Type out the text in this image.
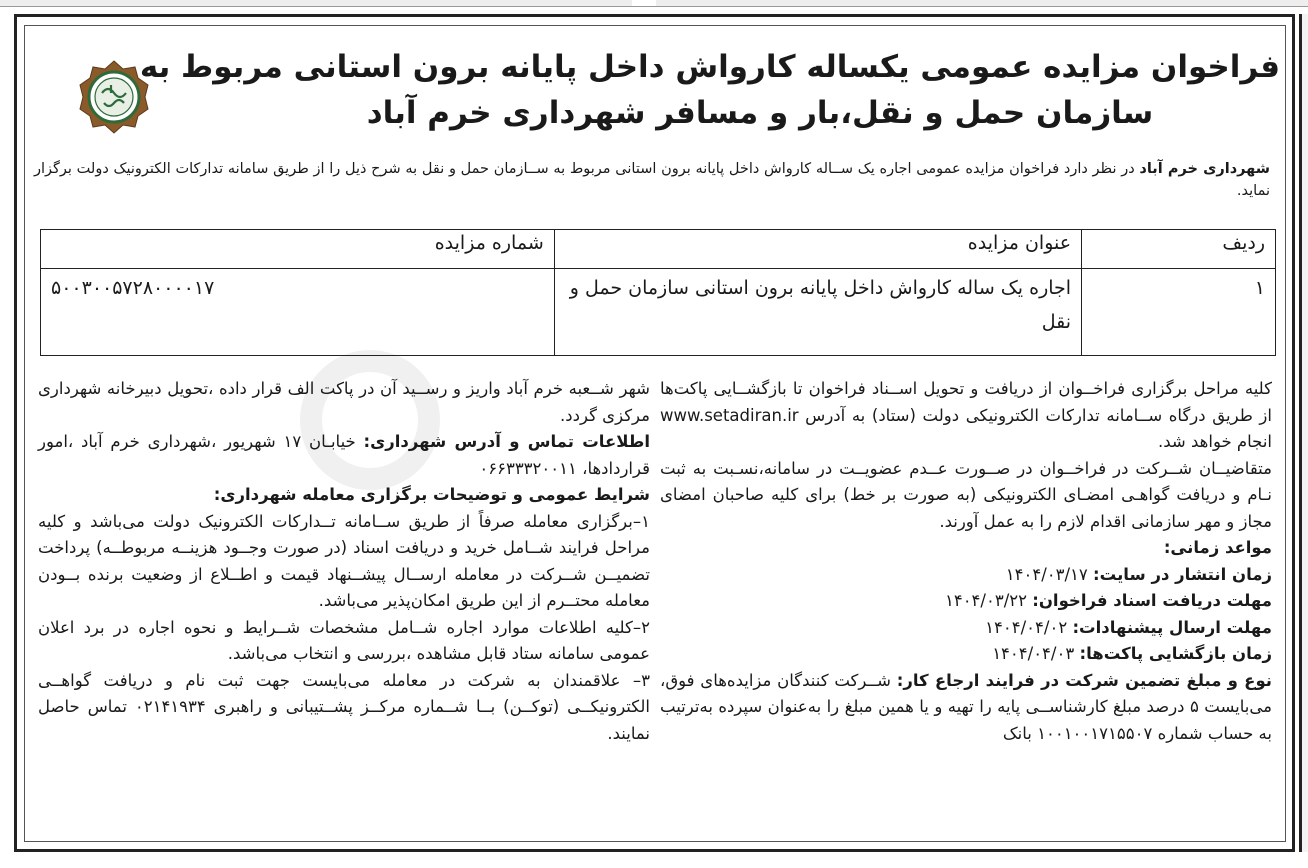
فراخوان مزایده عمومی یکساله کارواش داخل پایانه برون استانی مربوط به
سازمان حمل و نقل،بار و مسافر شهرداری خرم آباد
شهرداری خرم آباد در نظر دارد فراخوان مزایده عمومی اجاره یک ســاله کارواش داخل پایانه برون استانی مربوط به ســازمان حمل و نقل به شرح ذیل را از طریق سامانه تدارکات الکترونیک دولت برگزار نماید.
ردیف	عنوان مزایده	شماره مزایده
۱	اجاره یک ساله کارواش داخل پایانه برون استانی سازمان حمل و نقل	۵۰۰۳۰۰۵۷۲۸۰۰۰۰۱۷

کلیه مراحل برگزاری فراخــوان از دریافت و تحویل اســناد فراخوان تا بازگشــایی پاکت‌ها از طریق درگاه ســامانه تدارکات الکترونیکی دولت (ستاد) به آدرس www.setadiran.ir انجام خواهد شد.

متقاضیــان شــرکت در فراخــوان در صــورت عــدم عضویــت در سامانه،نسـبت به ثبت نـام و دریافت گواهـی امضـای الکترونیکی (به صورت بر خط) برای کلیه صاحبان امضای مجاز و مهر سازمانی اقدام لازم را به عمل آورند.

مواعد زمانی:

زمان انتشار در سایت: ۱۴۰۴/۰۳/۱۷

مهلت دریافت اسناد فراخوان: ۱۴۰۴/۰۳/۲۲

مهلت ارسال پیشنهادات: ۱۴۰۴/۰۴/۰۲

زمان بازگشایی پاکت‌ها: ۱۴۰۴/۰۴/۰۳

نوع و مبلغ تضمین شرکت در فرایند ارجاع کار: شــرکت کنندگان مزایده‌های فوق، می‌بایست ۵ درصد مبلغ کارشناســی پایه را تهیه و یا همین مبلغ را به‌عنوان سپرده به‌ترتیب به حساب شماره ۱۰۰۱۰۰۱۷۱۵۵۰۷ بانک

شهر شــعبه خرم آباد واریز و رســید آن در پاکت الف قرار داده ،تحویل دبیرخانه شهرداری مرکزی گردد.

اطلاعات تماس و آدرس شهرداری: خیابـان ۱۷ شهریور ،شهرداری خرم آباد ،امور قراردادها، ۰۶۶۳۳۳۲۰۰۱۱

شرایط عمومی و توضیحات برگزاری معامله شهرداری:

۱–برگزاری معامله صرفاً از طریق ســامانه تــدارکات الکترونیک دولت می‌باشد و کلیه مراحل فرایند شــامل خرید و دریافت اسناد (در صورت وجــود هزینــه مربوطــه) پرداخت تضمیــن شــرکت در معامله ارســال پیشــنهاد قیمت و اطــلاع از وضعیت برنده بــودن معامله محتــرم از این طریق امکان‌پذیر می‌باشد.

۲–کلیه اطلاعات موارد اجاره شــامل مشخصات شــرایط و نحوه اجاره در برد اعلان عمومی سامانه ستاد قابل مشاهده ،بررسی و انتخاب می‌باشد.

۳– علاقمندان به شرکت در معامله می‌بایست جهت ثبت نام و دریافت گواهــی الکترونیکــی (توکــن) بــا شــماره مرکــز پشــتیبانی و راهبری ۰۲۱۴۱۹۳۴ تماس حاصل نمایند.
